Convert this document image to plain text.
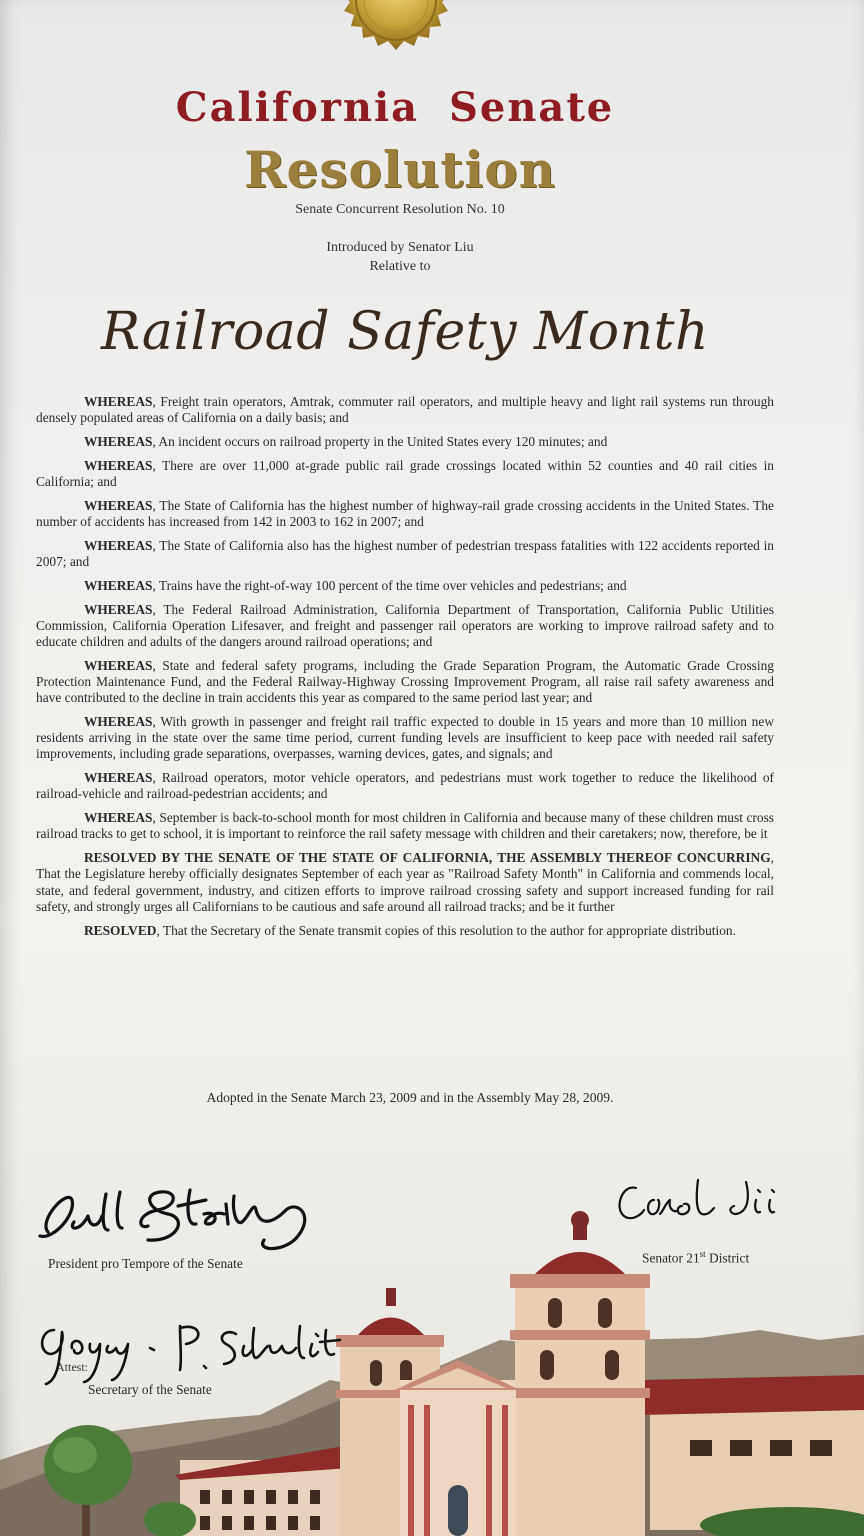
California Senate
Resolution
Senate Concurrent Resolution No. 10
Introduced by Senator Liu
Relative to
Railroad Safety Month

WHEREAS, Freight train operators, Amtrak, commuter rail operators, and multiple heavy and light rail systems run through densely populated areas of California on a daily basis; and

WHEREAS, An incident occurs on railroad property in the United States every 120 minutes; and

WHEREAS, There are over 11,000 at-grade public rail grade crossings located within 52 counties and 40 rail cities in California; and

WHEREAS, The State of California has the highest number of highway-rail grade crossing accidents in the United States. The number of accidents has increased from 142 in 2003 to 162 in 2007; and

WHEREAS, The State of California also has the highest number of pedestrian trespass fatalities with 122 accidents reported in 2007; and

WHEREAS, Trains have the right-of-way 100 percent of the time over vehicles and pedestrians; and

WHEREAS, The Federal Railroad Administration, California Department of Transportation, California Public Utilities Commission, California Operation Lifesaver, and freight and passenger rail operators are working to improve railroad safety and to educate children and adults of the dangers around railroad operations; and

WHEREAS, State and federal safety programs, including the Grade Separation Program, the Automatic Grade Crossing Protection Maintenance Fund, and the Federal Railway-Highway Crossing Improvement Program, all raise rail safety awareness and have contributed to the decline in train accidents this year as compared to the same period last year; and

WHEREAS, With growth in passenger and freight rail traffic expected to double in 15 years and more than 10 million new residents arriving in the state over the same time period, current funding levels are insufficient to keep pace with needed rail safety improvements, including grade separations, overpasses, warning devices, gates, and signals; and

WHEREAS, Railroad operators, motor vehicle operators, and pedestrians must work together to reduce the likelihood of railroad-vehicle and railroad-pedestrian accidents; and

WHEREAS, September is back-to-school month for most children in California and because many of these children must cross railroad tracks to get to school, it is important to reinforce the rail safety message with children and their caretakers; now, therefore, be it

RESOLVED BY THE SENATE OF THE STATE OF CALIFORNIA, THE ASSEMBLY THEREOF CONCURRING, That the Legislature hereby officially designates September of each year as "Railroad Safety Month" in California and commends local, state, and federal government, industry, and citizen efforts to improve railroad crossing safety and support increased funding for rail safety, and strongly urges all Californians to be cautious and safe around all railroad tracks; and be it further

RESOLVED, That the Secretary of the Senate transmit copies of this resolution to the author for appropriate distribution.

Adopted in the Senate March 23, 2009 and in the Assembly May 28, 2009.
President pro Tempore of the Senate	Senator 21st District
Attest:
Secretary of the Senate
